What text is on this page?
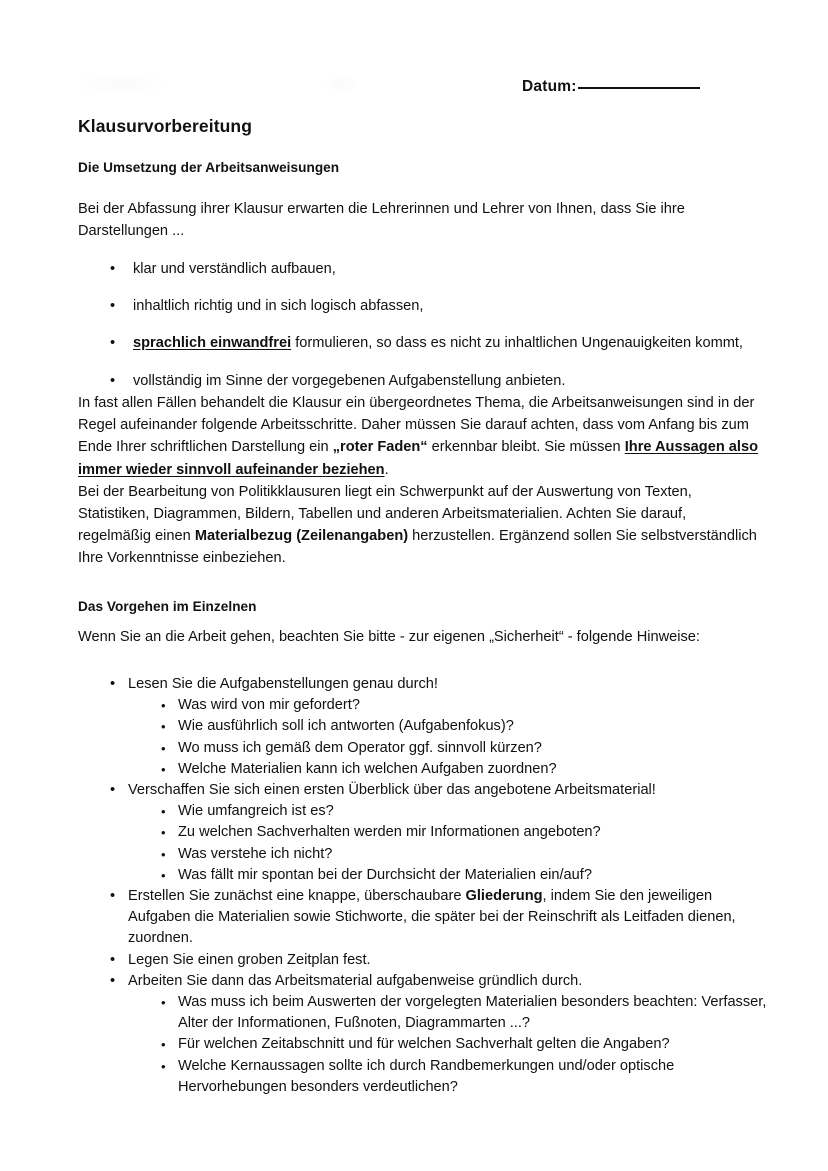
Datum:
Klausurvorbereitung
Die Umsetzung der Arbeitsanweisungen
Bei der Abfassung ihrer Klausur erwarten die Lehrerinnen und Lehrer von Ihnen, dass Sie ihre Darstellungen ...
• klar und verständlich aufbauen,
• inhaltlich richtig und in sich logisch abfassen,
• sprachlich einwandfrei formulieren, so dass es nicht zu inhaltlichen Ungenauigkeiten kommt,
• vollständig im Sinne der vorgegebenen Aufgabenstellung anbieten.
In fast allen Fällen behandelt die Klausur ein übergeordnetes Thema, die Arbeitsanweisungen sind in der Regel aufeinander folgende Arbeitsschritte. Daher müssen Sie darauf achten, dass vom Anfang bis zum Ende Ihrer schriftlichen Darstellung ein „roter Faden“ erkennbar bleibt. Sie müssen Ihre Aussagen also immer wieder sinnvoll aufeinander beziehen.
Bei der Bearbeitung von Politikklausuren liegt ein Schwerpunkt auf der Auswertung von Texten, Statistiken, Diagrammen, Bildern, Tabellen und anderen Arbeitsmaterialien. Achten Sie darauf, regelmäßig einen Materialbezug (Zeilenangaben) herzustellen. Ergänzend sollen Sie selbstverständlich Ihre Vorkenntnisse einbeziehen.
Das Vorgehen im Einzelnen
Wenn Sie an die Arbeit gehen, beachten Sie bitte - zur eigenen „Sicherheit“ - folgende Hinweise:
• Lesen Sie die Aufgabenstellungen genau durch!
• Was wird von mir gefordert?
• Wie ausführlich soll ich antworten (Aufgabenfokus)?
• Wo muss ich gemäß dem Operator ggf. sinnvoll kürzen?
• Welche Materialien kann ich welchen Aufgaben zuordnen?
• Verschaffen Sie sich einen ersten Überblick über das angebotene Arbeitsmaterial!
• Wie umfangreich ist es?
• Zu welchen Sachverhalten werden mir Informationen angeboten?
• Was verstehe ich nicht?
• Was fällt mir spontan bei der Durchsicht der Materialien ein/auf?
• Erstellen Sie zunächst eine knappe, überschaubare Gliederung, indem Sie den jeweiligen Aufgaben die Materialien sowie Stichworte, die später bei der Reinschrift als Leitfaden dienen, zuordnen.
• Legen Sie einen groben Zeitplan fest.
• Arbeiten Sie dann das Arbeitsmaterial aufgabenweise gründlich durch.
• Was muss ich beim Auswerten der vorgelegten Materialien besonders beachten: Verfasser, Alter der Informationen, Fußnoten, Diagrammarten ...?
• Für welchen Zeitabschnitt und für welchen Sachverhalt gelten die Angaben?
• Welche Kernaussagen sollte ich durch Randbemerkungen und/oder optische Hervorhebungen besonders verdeutlichen?
